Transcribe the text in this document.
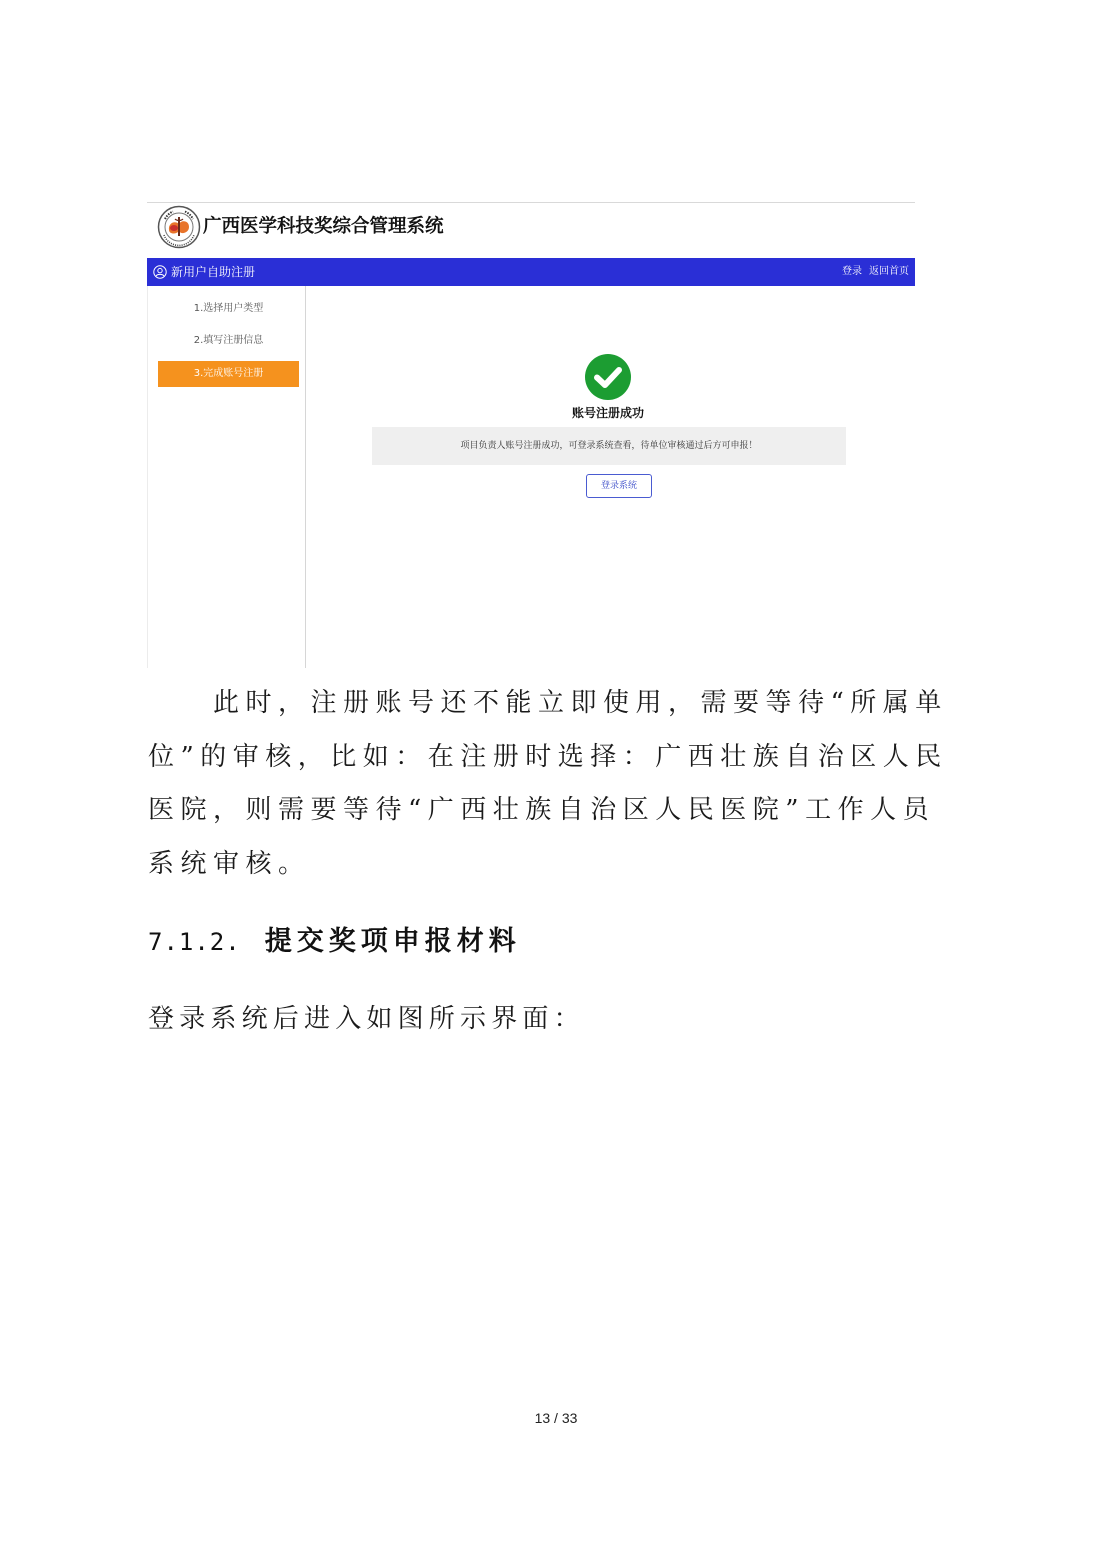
广西医学科技奖综合管理系统
新用户自助注册	登录 返回首页
1.选择用户类型
2.填写注册信息
3.完成账号注册
账号注册成功
项目负责人账号注册成功，可登录系统查看，待单位审核通过后方可申报！
登录系统
此时，注册账号还不能立即使用，需要等待“所属单
位”的审核，比如：在注册时选择：广西壮族自治区人民
医院，则需要等待“广西壮族自治区人民医院”工作人员
系统审核。
7.1.2. 提交奖项申报材料
登录系统后进入如图所示界面：
13 / 33
